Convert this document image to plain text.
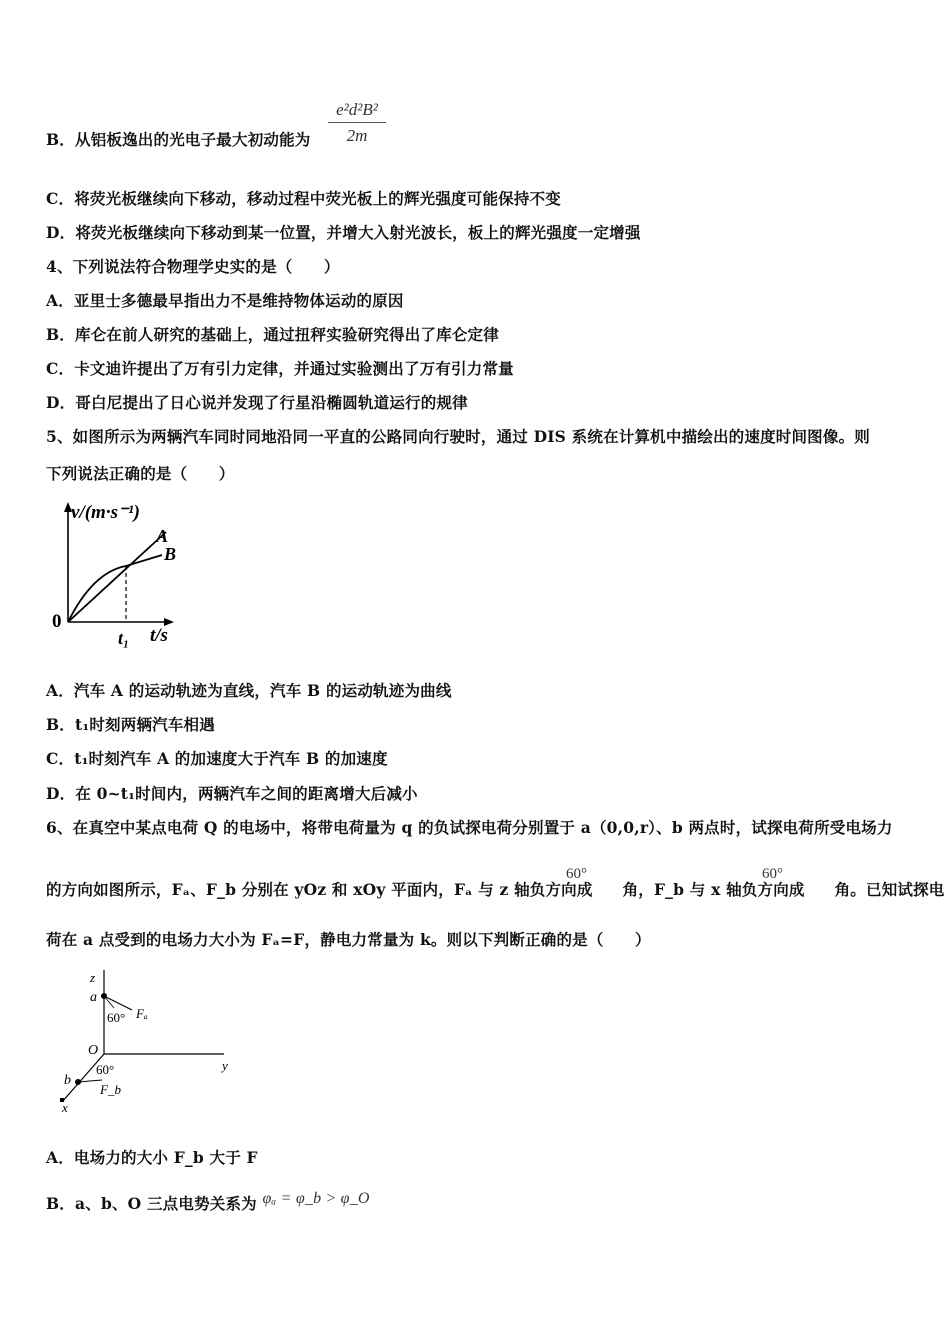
B．从铝板逸出的光电子最大初动能为 $\frac{\text{e²d²B²}}{2m}$
C．将荧光板继续向下移动，移动过程中荧光板上的辉光强度可能保持不变
D．将荧光板继续向下移动到某一位置，并增大入射光波长，板上的辉光强度一定增强
4、下列说法符合物理学史实的是（　　）
A．亚里士多德最早指出力不是维持物体运动的原因
B．库仑在前人研究的基础上，通过扭秤实验研究得出了库仑定律
C．卡文迪许提出了万有引力定律，并通过实验测出了万有引力常量
D．哥白尼提出了日心说并发现了行星沿椭圆轨道运行的规律
5、如图所示为两辆汽车同时同地沿同一平直的公路同向行驶时，通过 DIS 系统在计算机中描绘出的速度时间图像。则
下列说法正确的是（　　）
v/(m·s⁻¹)
A
B
0
t₁ t/s
A．汽车 A 的运动轨迹为直线，汽车 B 的运动轨迹为曲线
B．t₁时刻两辆汽车相遇
C．t₁时刻汽车 A 的加速度大于汽车 B 的加速度
D．在 0~t₁时间内，两辆汽车之间的距离增大后减小
6、在真空中某点电荷 Q 的电场中，将带电荷量为 q 的负试探电荷分别置于 a（0,0,r）、b 两点时，试探电荷所受电场力
的方向如图所示，Fₐ、F_b 分别在 yOz 和 xOy 平面内，Fₐ 与 z 轴负方向成 角，F_b 与 x 轴负方向成 角。已知试探电
60°	60°
荷在 a 点受到的电场力大小为 Fₐ=F，静电力常量为 k。则以下判断正确的是（　　）
z
a
60° Fₐ
O
y
60°
b
F_b
x
A．电场力的大小 F_b 大于 F
B．a、b、O 三点电势关系为 φₐ = φ_b > φ_O
